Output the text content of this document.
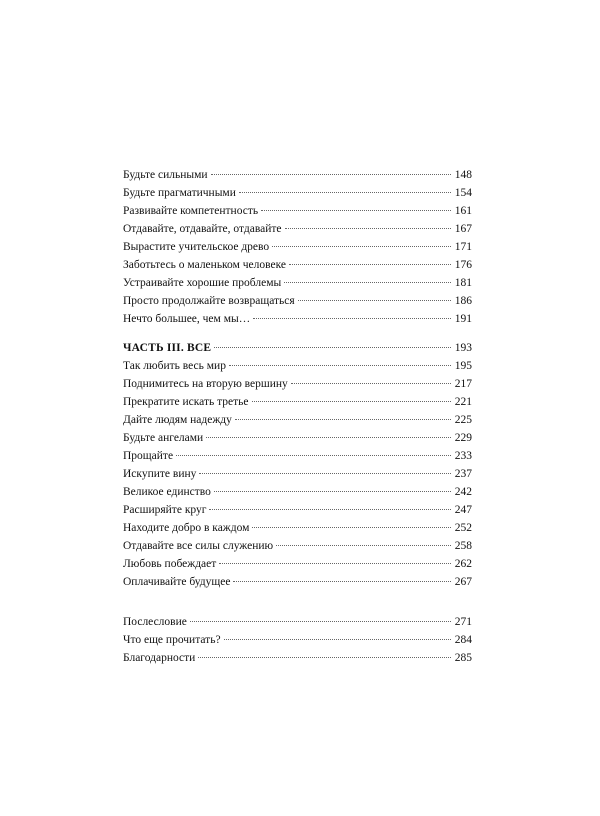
Будьте сильными	148
Будьте прагматичными	154
Развивайте компетентность	161
Отдавайте, отдавайте, отдавайте	167
Вырастите учительское древо	171
Заботьтесь о маленьком человеке	176
Устраивайте хорошие проблемы	181
Просто продолжайте возвращаться	186
Нечто большее, чем мы…	191
ЧАСТЬ III. ВСЕ	193
Так любить весь мир	195
Поднимитесь на вторую вершину	217
Прекратите искать третье	221
Дайте людям надежду	225
Будьте ангелами	229
Прощайте	233
Искупите вину	237
Великое единство	242
Расширяйте круг	247
Находите добро в каждом	252
Отдавайте все силы служению	258
Любовь побеждает	262
Оплачивайте будущее	267
Послесловие	271
Что еще прочитать?	284
Благодарности	285
